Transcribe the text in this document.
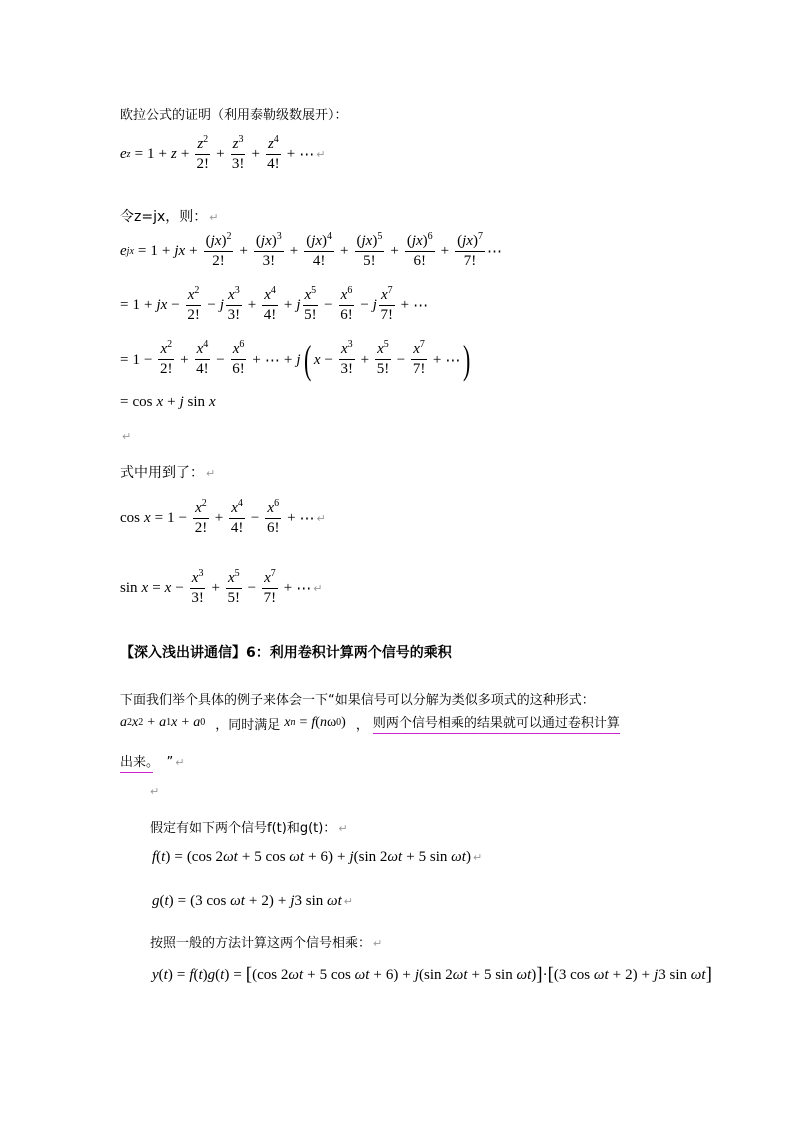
欧拉公式的证明（利用泰勒级数展开）：
e $z = 1 + z + \frac{z^2}{2!} + \frac{z^3}{3!} + \frac{z^4}{4!}$ + ⋯ ↵
令z=jx，则： ↵
e jx = 1 + jx + $\frac{(jx)^2}{2!} + \frac{(jx)^3}{3!} + \frac{(jx)^4}{4!} + \frac{(jx)^5}{5!} + \frac{(jx)^6}{6!} + \frac{(jx)^7}{7!}$ ⋯
= 1 + jx − $\frac{x^2}{2!} - j \frac{x^3}{3!} + \frac{x^4}{4!} + j \frac{x^5}{5!} - \frac{x^6}{6!} - j \frac{x^7}{7!}$ + ⋯
= $1 - \frac{x^2}{2!} + \frac{x^4}{4!} - \frac{x^6}{6!}$ + ⋯ + j ( $x - \frac{x^3}{3!} + \frac{x^5}{5!} - \frac{x^7}{7!}$ + ⋯ )
= cos x + j sin x
↵
式中用到了： ↵
$\cos x = 1 - \frac{x^2}{2!} + \frac{x^4}{4!} - \frac{x^6}{6!}$ + ⋯ ↵
$\sin x = x - \frac{x^3}{3!} + \frac{x^5}{5!} - \frac{x^7}{7!}$ + ⋯ ↵
【深入浅出讲通信】6：利用卷积计算两个信号的乘积
下面我们举个具体的例子来体会一下“如果信号可以分解为类似多项式的这种形式：
a 2 x 2 + a 1 x + a 0 ，同时满足 x n = f ( n ω 0 ) ， 则两个信号相乘的结果就可以通过卷积计算
出来。 ” ↵
↵
假定有如下两个信号f(t)和g(t)： ↵
f ( t ) = (cos 2 ωt + 5 cos ωt + 6) + j (sin 2 ωt + 5 sin ωt ) ↵
g ( t ) = (3 cos ωt + 2) + j 3 sin ωt ↵
按照一般的方法计算这两个信号相乘： ↵
y ( t ) = f ( t ) g ( t ) = [ (cos 2 ωt + 5 cos ωt + 6) + j (sin 2 ωt + 5 sin ωt ) ] · [ (3 cos ωt + 2) + j 3 sin ωt ]
